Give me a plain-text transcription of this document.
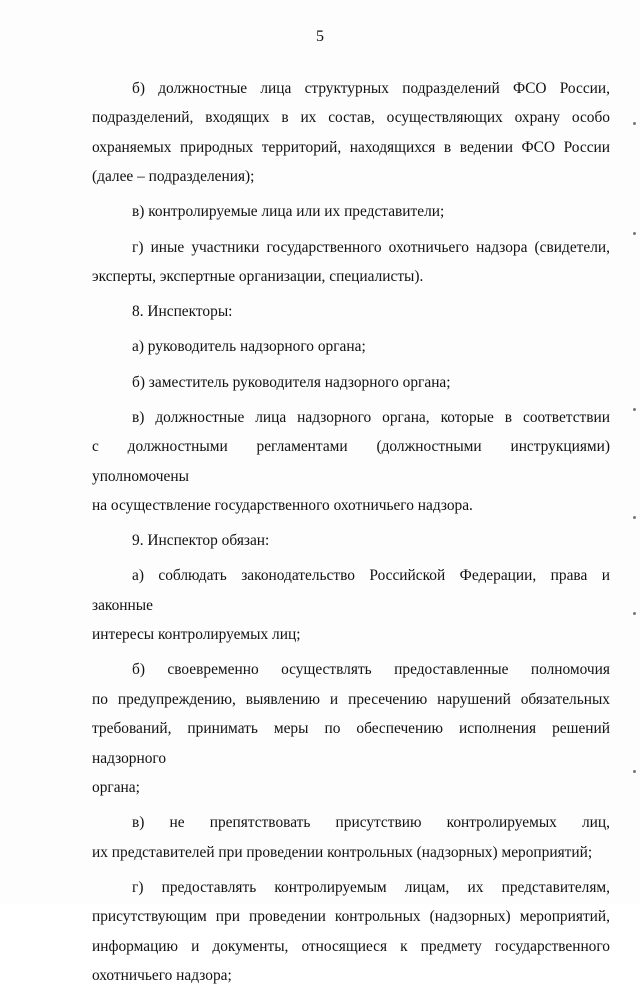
5
б) должностные лица структурных подразделений ФСО России,
подразделений, входящих в их состав, осуществляющих охрану особо
охраняемых природных территорий, находящихся в ведении ФСО России
(далее – подразделения);
в) контролируемые лица или их представители;
г) иные участники государственного охотничьего надзора (свидетели,
эксперты, экспертные организации, специалисты).
8. Инспекторы:
а) руководитель надзорного органа;
б) заместитель руководителя надзорного органа;
в) должностные лица надзорного органа, которые в соответствии
с должностными регламентами (должностными инструкциями) уполномочены
на осуществление государственного охотничьего надзора.
9. Инспектор обязан:
а) соблюдать законодательство Российской Федерации, права и законные
интересы контролируемых лиц;
б) своевременно осуществлять предоставленные полномочия
по предупреждению, выявлению и пресечению нарушений обязательных
требований, принимать меры по обеспечению исполнения решений надзорного
органа;
в) не препятствовать присутствию контролируемых лиц,
их представителей при проведении контрольных (надзорных) мероприятий;
г) предоставлять контролируемым лицам, их представителям,
присутствующим при проведении контрольных (надзорных) мероприятий,
информацию и документы, относящиеся к предмету государственного
охотничьего надзора;
